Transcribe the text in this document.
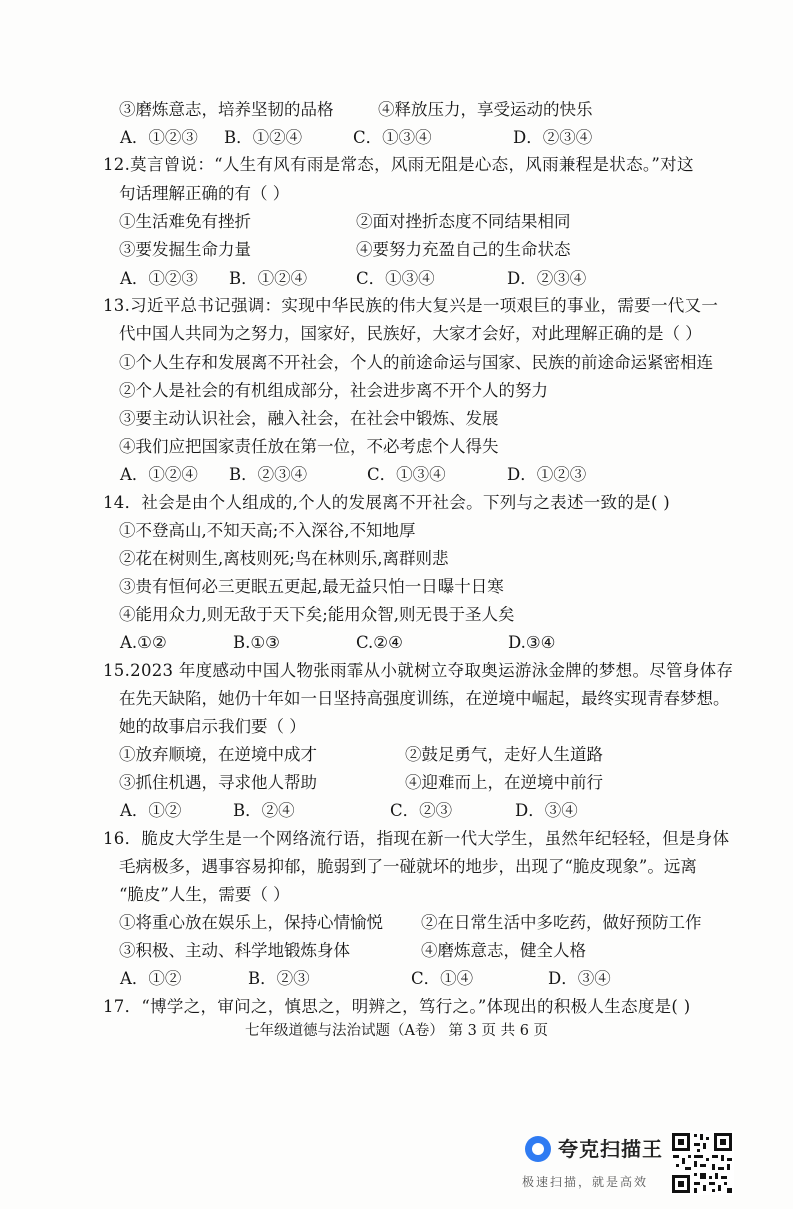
③磨炼意志，培养坚韧的品格	④释放压力，享受运动的快乐
A．①②③ B．①②④	C．①③④	D．②③④
12.莫言曾说：“人生有风有雨是常态，风雨无阻是心态，风雨兼程是状态。”对这
句话理解正确的有（ ）
①生活难免有挫折	②面对挫折态度不同结果相同
③要发掘生命力量	④要努力充盈自己的生命状态
A．①②③ B．①②④	C．①③④	D．②③④
13.习近平总书记强调：实现中华民族的伟大复兴是一项艰巨的事业，需要一代又一
代中国人共同为之努力，国家好，民族好，大家才会好，对此理解正确的是（ ）
①个人生存和发展离不开社会，个人的前途命运与国家、民族的前途命运紧密相连
②个人是社会的有机组成部分，社会进步离不开个人的努力
③要主动认识社会，融入社会，在社会中锻炼、发展
④我们应把国家责任放在第一位，不必考虑个人得失
A．①②④ B．②③④	C．①③④	D．①②③
14．社会是由个人组成的,个人的发展离不开社会。下列与之表述一致的是( )
①不登高山,不知天高;不入深谷,不知地厚
②花在树则生,离枝则死;鸟在林则乐,离群则悲
③贵有恒何必三更眠五更起,最无益只怕一日曝十日寒
④能用众力,则无敌于天下矣;能用众智,则无畏于圣人矣
A.①②	B.①③	C.②④	D.③④
15.2023 年度感动中国人物张雨霏从小就树立夺取奥运游泳金牌的梦想。尽管身体存
在先天缺陷，她仍十年如一日坚持高强度训练，在逆境中崛起，最终实现青春梦想。
她的故事启示我们要（ ）
①放弃顺境，在逆境中成才	②鼓足勇气，走好人生道路
③抓住机遇，寻求他人帮助	④迎难而上，在逆境中前行
A．①②	B．②④	C．②③	D．③④
16．脆皮大学生是一个网络流行语，指现在新一代大学生，虽然年纪轻轻，但是身体
毛病极多，遇事容易抑郁，脆弱到了一碰就坏的地步，出现了“脆皮现象”。远离
“脆皮”人生，需要（ ）
①将重心放在娱乐上，保持心情愉悦 ②在日常生活中多吃药，做好预防工作
③积极、主动、科学地锻炼身体	④磨炼意志，健全人格
A．①②	B．②③	C．①④	D．③④
17．“博学之，审问之，慎思之，明辨之，笃行之。”体现出的积极人生态度是( )
七年级道德与法治试题（A卷） 第 3 页 共 6 页
夸克扫描王
极速扫描，就是高效
